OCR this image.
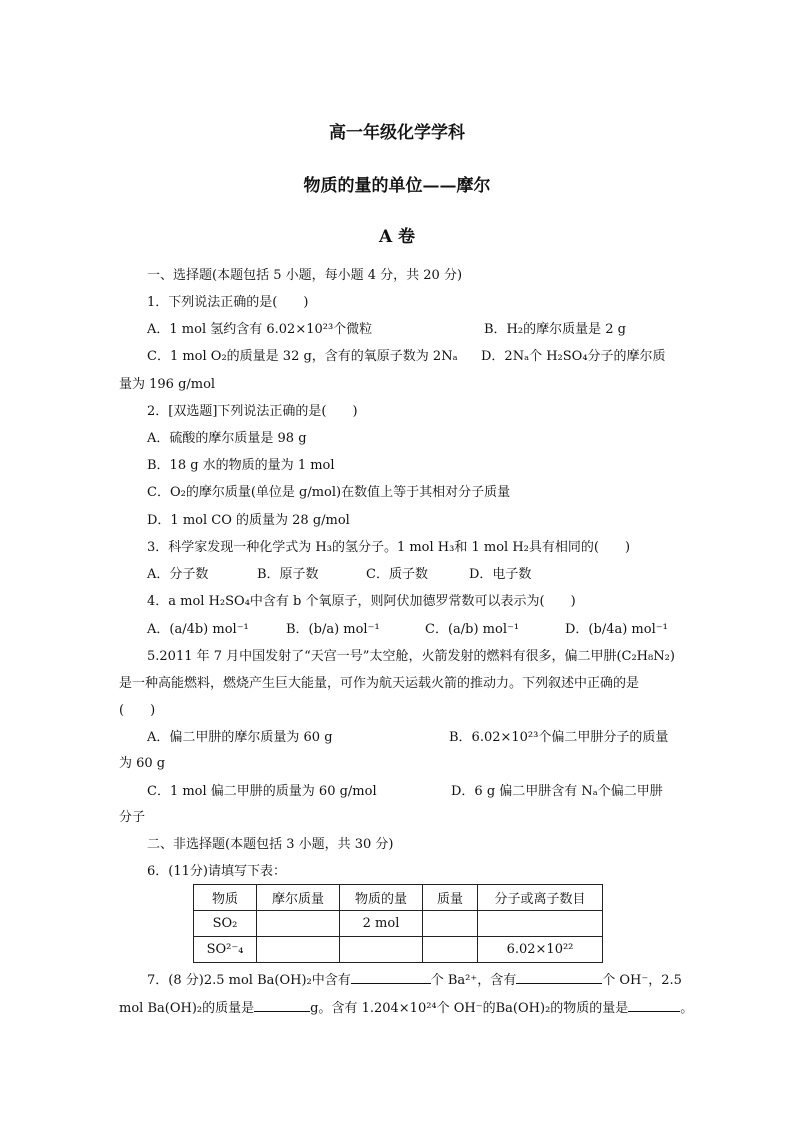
高一年级化学学科
物质的量的单位——摩尔
A 卷
一、选择题(本题包括 5 小题，每小题 4 分，共 20 分)
1．下列说法正确的是(　　)
A．1 mol 氢约含有 6.02×10²³个微粒	B．H₂的摩尔质量是 2 g
C．1 mol O₂的质量是 32 g，含有的氧原子数为 2Nₐ D．2Nₐ个 H₂SO₄分子的摩尔质
量为 196 g/mol
2．[双选题]下列说法正确的是(　　)
A．硫酸的摩尔质量是 98 g
B．18 g 水的物质的量为 1 mol
C．O₂的摩尔质量(单位是 g/mol)在数值上等于其相对分子质量
D．1 mol CO 的质量为 28 g/mol
3．科学家发现一种化学式为 H₃的氢分子。1 mol H₃和 1 mol H₂具有相同的(　　)
A．分子数	B．原子数	C．质子数	D．电子数
4．a mol H₂SO₄中含有 b 个氧原子，则阿伏加德罗常数可以表示为(　　)
A．(a/4b) mol⁻¹	B．(b/a) mol⁻¹	C．(a/b) mol⁻¹	D．(b/4a) mol⁻¹
5.2011 年 7 月中国发射了“天宫一号”太空舱，火箭发射的燃料有很多，偏二甲肼(C₂H₈N₂)
是一种高能燃料，燃烧产生巨大能量，可作为航天运载火箭的推动力。下列叙述中正确的是
(　　)
A．偏二甲肼的摩尔质量为 60 g	B．6.02×10²³个偏二甲肼分子的质量
为 60 g
C．1 mol 偏二甲肼的质量为 60 g/mol	D．6 g 偏二甲肼含有 Nₐ个偏二甲肼
分子
二、非选择题(本题包括 3 小题，共 30 分)
6．(11分)请填写下表：
物质	摩尔质量	物质的量	质量	分子或离子数目
SO₂		2 mol		
SO²⁻₄				6.02×10²²
7．(8 分)2.5 mol Ba(OH)₂中含有	个 Ba²⁺，含有	个 OH⁻，2.5
mol Ba(OH)₂的质量是	g。含有 1.204×10²⁴个 OH⁻的Ba(OH)₂的物质的量是	。
